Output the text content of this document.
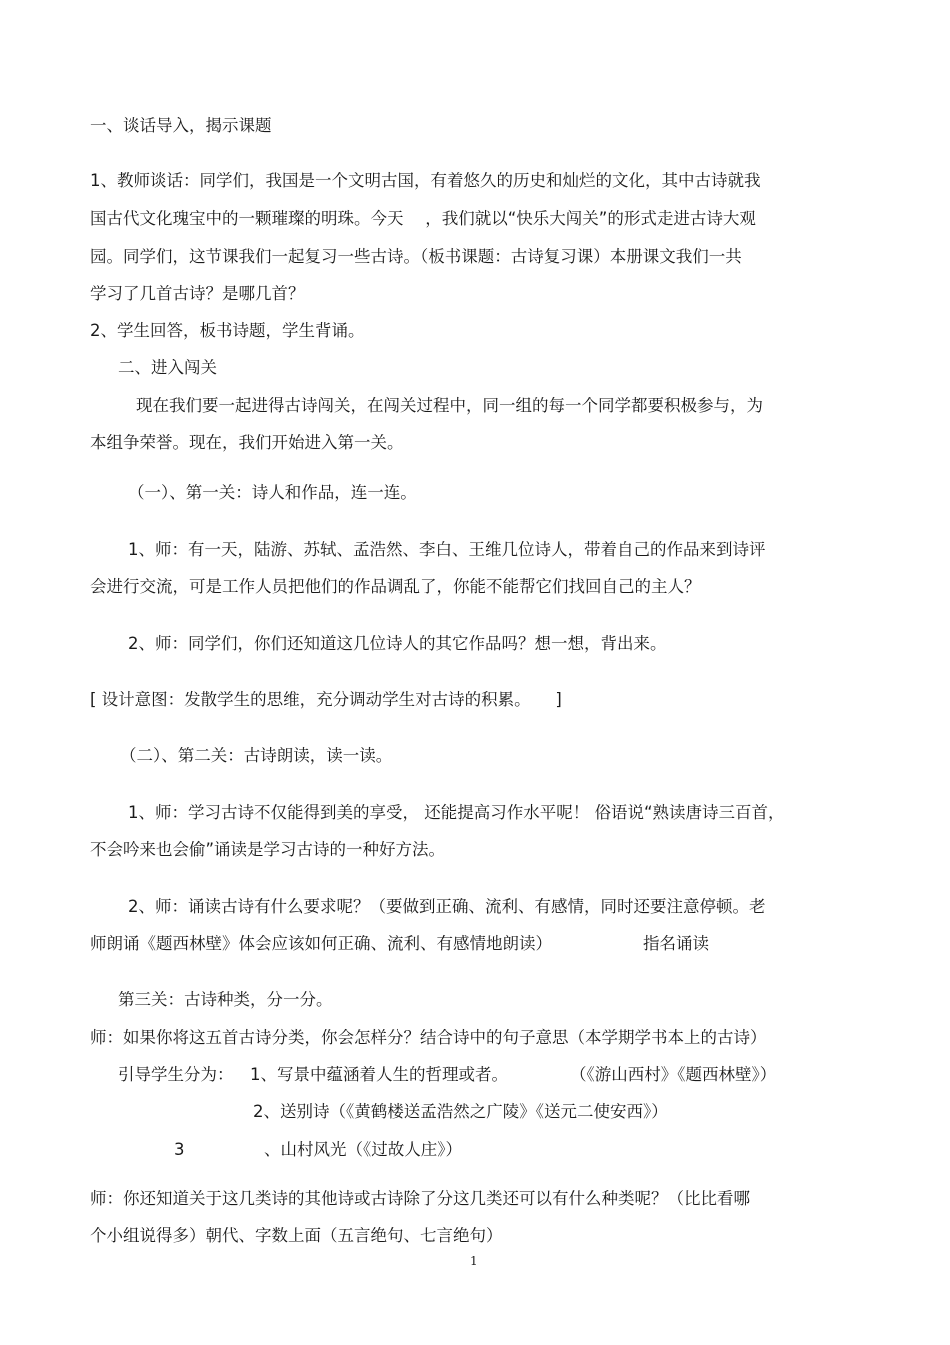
一、谈话导入，揭示课题
1、教师谈话：同学们，我国是一个文明古国，有着悠久的历史和灿烂的文化，其中古诗就我
国古代文化瑰宝中的一颗璀璨的明珠。今天　 ，我们就以“快乐大闯关”的形式走进古诗大观
园。同学们，这节课我们一起复习一些古诗。（板书课题：古诗复习课）本册课文我们一共
学习了几首古诗？是哪几首？
2、学生回答，板书诗题，学生背诵。
二、进入闯关
现在我们要一起进得古诗闯关，在闯关过程中，同一组的每一个同学都要积极参与，为
本组争荣誉。现在，我们开始进入第一关。
（一）、第一关：诗人和作品，连一连。
1、师：有一天，陆游、苏轼、孟浩然、李白、王维几位诗人，带着自己的作品来到诗评
会进行交流，可是工作人员把他们的作品调乱了，你能不能帮它们找回自己的主人？
2、师：同学们，你们还知道这几位诗人的其它作品吗？想一想，背出来。
[ 设计意图：发散学生的思维，充分调动学生对古诗的积累。　　]
（二）、第二关：古诗朗读，读一读。
1、师：学习古诗不仅能得到美的享受， 还能提高习作水平呢！ 俗语说“熟读唐诗三百首，
不会吟来也会偷”诵读是学习古诗的一种好方法。
2、师：诵读古诗有什么要求呢？（要做到正确、流利、有感情，同时还要注意停顿。老
师朗诵《题西林壁》体会应该如何正确、流利、有感情地朗读）	指名诵读
第三关：古诗种类，分一分。
师：如果你将这五首古诗分类，你会怎样分？结合诗中的句子意思（本学期学书本上的古诗）
引导学生分为： 1、写景中蕴涵着人生的哲理或者。	（《游山西村》《题西林壁》）
2、送别诗（《黄鹤楼送孟浩然之广陵》《送元二使安西》）
3	、山村风光（《过故人庄》）
师：你还知道关于这几类诗的其他诗或古诗除了分这几类还可以有什么种类呢？（比比看哪
个小组说得多）朝代、字数上面（五言绝句、七言绝句）
1
